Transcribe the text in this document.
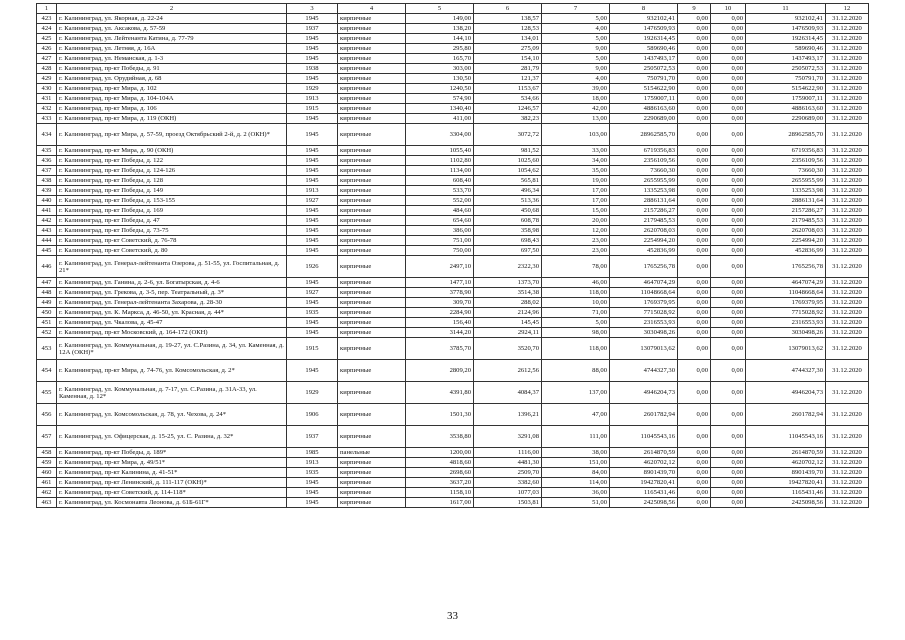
1	2	3	4	5	6	7	8	9	10	11	12
423	г. Калининград, ул. Якорная, д. 22-24	1945	кирпичные	149,00	138,57	5,00	932102,41	0,00	0,00	932102,41	31.12.2020
424	г. Калининград, ул. Аксакова, д. 57-59	1937	кирпичные	138,20	128,53	4,00	1476509,93	0,00	0,00	1476509,93	31.12.2020
425	г. Калининград, ул. Лейтенанта Катина, д. 77-79	1945	кирпичные	144,10	134,01	5,00	1926314,45	0,00	0,00	1926314,45	31.12.2020
426	г. Калининград, ул. Летняя, д. 16А	1945	кирпичные	295,80	275,09	9,00	589690,46	0,00	0,00	589690,46	31.12.2020
427	г. Калининград, ул. Неманская, д. 1-3	1945	кирпичные	165,70	154,10	5,00	1437493,17	0,00	0,00	1437493,17	31.12.2020
428	г. Калининград, пр-кт Победы, д. 91	1938	кирпичные	303,00	281,79	9,00	2505072,53	0,00	0,00	2505072,53	31.12.2020
429	г. Калининград, ул. Орудийная, д. 68	1945	кирпичные	130,50	121,37	4,00	750791,70	0,00	0,00	750791,70	31.12.2020
430	г. Калининград, пр-кт Мира, д. 102	1929	кирпичные	1240,50	1153,67	39,00	5154622,90	0,00	0,00	5154622,90	31.12.2020
431	г. Калининград, пр-кт Мира, д. 104-104А	1913	кирпичные	574,90	534,66	18,00	1759007,11	0,00	0,00	1759007,11	31.12.2020
432	г. Калининград, пр-кт Мира, д. 106	1915	кирпичные	1340,40	1246,57	42,00	4886163,60	0,00	0,00	4886163,60	31.12.2020
433	г. Калининград, пр-кт Мира, д. 119 (ОКН)	1945	кирпичные	411,00	382,23	13,00	2290689,00	0,00	0,00	2290689,00	31.12.2020
434	г. Калининград, пр-кт Мира, д. 57-59, проезд Октябрьский 2-й, д. 2 (ОКН)*	1945	кирпичные	3304,00	3072,72	103,00	28962585,70	0,00	0,00	28962585,70	31.12.2020
435	г. Калининград, пр-кт Мира, д. 90 (ОКН)	1945	кирпичные	1055,40	981,52	33,00	6719356,83	0,00	0,00	6719356,83	31.12.2020
436	г. Калининград, пр-кт Победы, д. 122	1945	кирпичные	1102,80	1025,60	34,00	2356109,56	0,00	0,00	2356109,56	31.12.2020
437	г. Калининград, пр-кт Победы, д. 124-126	1945	кирпичные	1134,00	1054,62	35,00	73660,30	0,00	0,00	73660,30	31.12.2020
438	г. Калининград, пр-кт Победы, д. 128	1945	кирпичные	608,40	565,81	19,00	2655955,99	0,00	0,00	2655955,99	31.12.2020
439	г. Калининград, пр-кт Победы, д. 149	1913	кирпичные	533,70	496,34	17,00	1335253,98	0,00	0,00	1335253,98	31.12.2020
440	г. Калининград, пр-кт Победы, д. 153-155	1927	кирпичные	552,00	513,36	17,00	2886131,64	0,00	0,00	2886131,64	31.12.2020
441	г. Калининград, пр-кт Победы, д. 169	1945	кирпичные	484,60	450,68	15,00	2157286,27	0,00	0,00	2157286,27	31.12.2020
442	г. Калининград, пр-кт Победы, д. 47	1945	кирпичные	654,60	608,78	20,00	2179485,53	0,00	0,00	2179485,53	31.12.2020
443	г. Калининград, пр-кт Победы, д. 73-75	1945	кирпичные	386,00	358,98	12,00	2620708,03	0,00	0,00	2620708,03	31.12.2020
444	г. Калининград, пр-кт Советский, д. 76-78	1945	кирпичные	751,00	698,43	23,00	2254994,20	0,00	0,00	2254994,20	31.12.2020
445	г. Калининград, пр-кт Советский, д. 80	1945	кирпичные	750,00	697,50	23,00	452836,99	0,00	0,00	452836,99	31.12.2020
446	г. Калининград, ул. Генерал-лейтенанта Озерова, д. 51-55, ул. Госпитальная, д. 21*	1926	кирпичные	2497,10	2322,30	78,00	1765256,78	0,00	0,00	1765256,78	31.12.2020
447	г. Калининград, ул. Ганина, д. 2-6, ул. Богатырская, д. 4-6	1945	кирпичные	1477,10	1373,70	46,00	4647074,29	0,00	0,00	4647074,29	31.12.2020
448	г. Калининград, ул. Грекова, д. 3-5, пер. Театральный, д. 3*	1927	кирпичные	3778,90	3514,38	118,00	11048668,64	0,00	0,00	11048668,64	31.12.2020
449	г. Калининград, ул. Генерал-лейтенанта Захарова, д. 28-30	1945	кирпичные	309,70	288,02	10,00	1769379,95	0,00	0,00	1769379,95	31.12.2020
450	г. Калининград, ул. К. Маркса, д. 46-50, ул. Красная, д. 44*	1935	кирпичные	2284,90	2124,96	71,00	7715028,92	0,00	0,00	7715028,92	31.12.2020
451	г. Калининград, ул. Чкалова, д. 45-47	1945	кирпичные	156,40	145,45	5,00	2316553,93	0,00	0,00	2316553,93	31.12.2020
452	г. Калининград, пр-кт Московский, д. 164-172 (ОКН)	1945	кирпичные	3144,20	2924,11	98,00	3030498,26	0,00	0,00	3030498,26	31.12.2020
453	г. Калининград, ул. Коммунальная, д. 19-27, ул. С.Разина, д. 34, ул. Каменная, д. 12А (ОКН)*	1915	кирпичные	3785,70	3520,70	118,00	13079013,62	0,00	0,00	13079013,62	31.12.2020
454	г. Калининград, пр-кт Мира, д. 74-76, ул. Комсомольская, д. 2*	1945	кирпичные	2809,20	2612,56	88,00	4744327,30	0,00	0,00	4744327,30	31.12.2020
455	г. Калининград, ул. Коммунальная, д. 7-17, ул. С.Разина, д. 31А-33, ул. Каменная, д. 12*	1929	кирпичные	4391,80	4084,37	137,00	4946204,73	0,00	0,00	4946204,73	31.12.2020
456	г. Калининград, ул. Комсомольская, д. 78, ул. Чехова, д. 24*	1906	кирпичные	1501,30	1396,21	47,00	2601782,94	0,00	0,00	2601782,94	31.12.2020
457	г. Калининград, ул. Офицерская, д. 15-25, ул. С. Разина, д. 32*	1937	кирпичные	3538,80	3291,08	111,00	11045543,16	0,00	0,00	11045543,16	31.12.2020
458	г. Калининград, пр-кт Победы, д. 189*	1985	панельные	1200,00	1116,00	38,00	2614870,59	0,00	0,00	2614870,59	31.12.2020
459	г. Калининград, пр-кт Мира, д. 49/51*	1913	кирпичные	4818,60	4481,30	151,00	4620702,12	0,00	0,00	4620702,12	31.12.2020
460	г. Калининград, пр-кт Калинина, д. 41-51*	1935	кирпичные	2698,60	2509,70	84,00	8901439,70	0,00	0,00	8901439,70	31.12.2020
461	г. Калининград, пр-кт Ленинский, д. 111-117 (ОКН)*	1945	кирпичные	3637,20	3382,60	114,00	19427820,41	0,00	0,00	19427820,41	31.12.2020
462	г. Калининград, пр-кт Советский, д. 114-118*	1945	кирпичные	1158,10	1077,03	36,00	1165431,46	0,00	0,00	1165431,46	31.12.2020
463	г. Калининград, ул. Космонавта Леонова, д. 61Б-61Г*	1945	кирпичные	1617,00	1503,81	51,00	2425098,56	0,00	0,00	2425098,56	31.12.2020
33
